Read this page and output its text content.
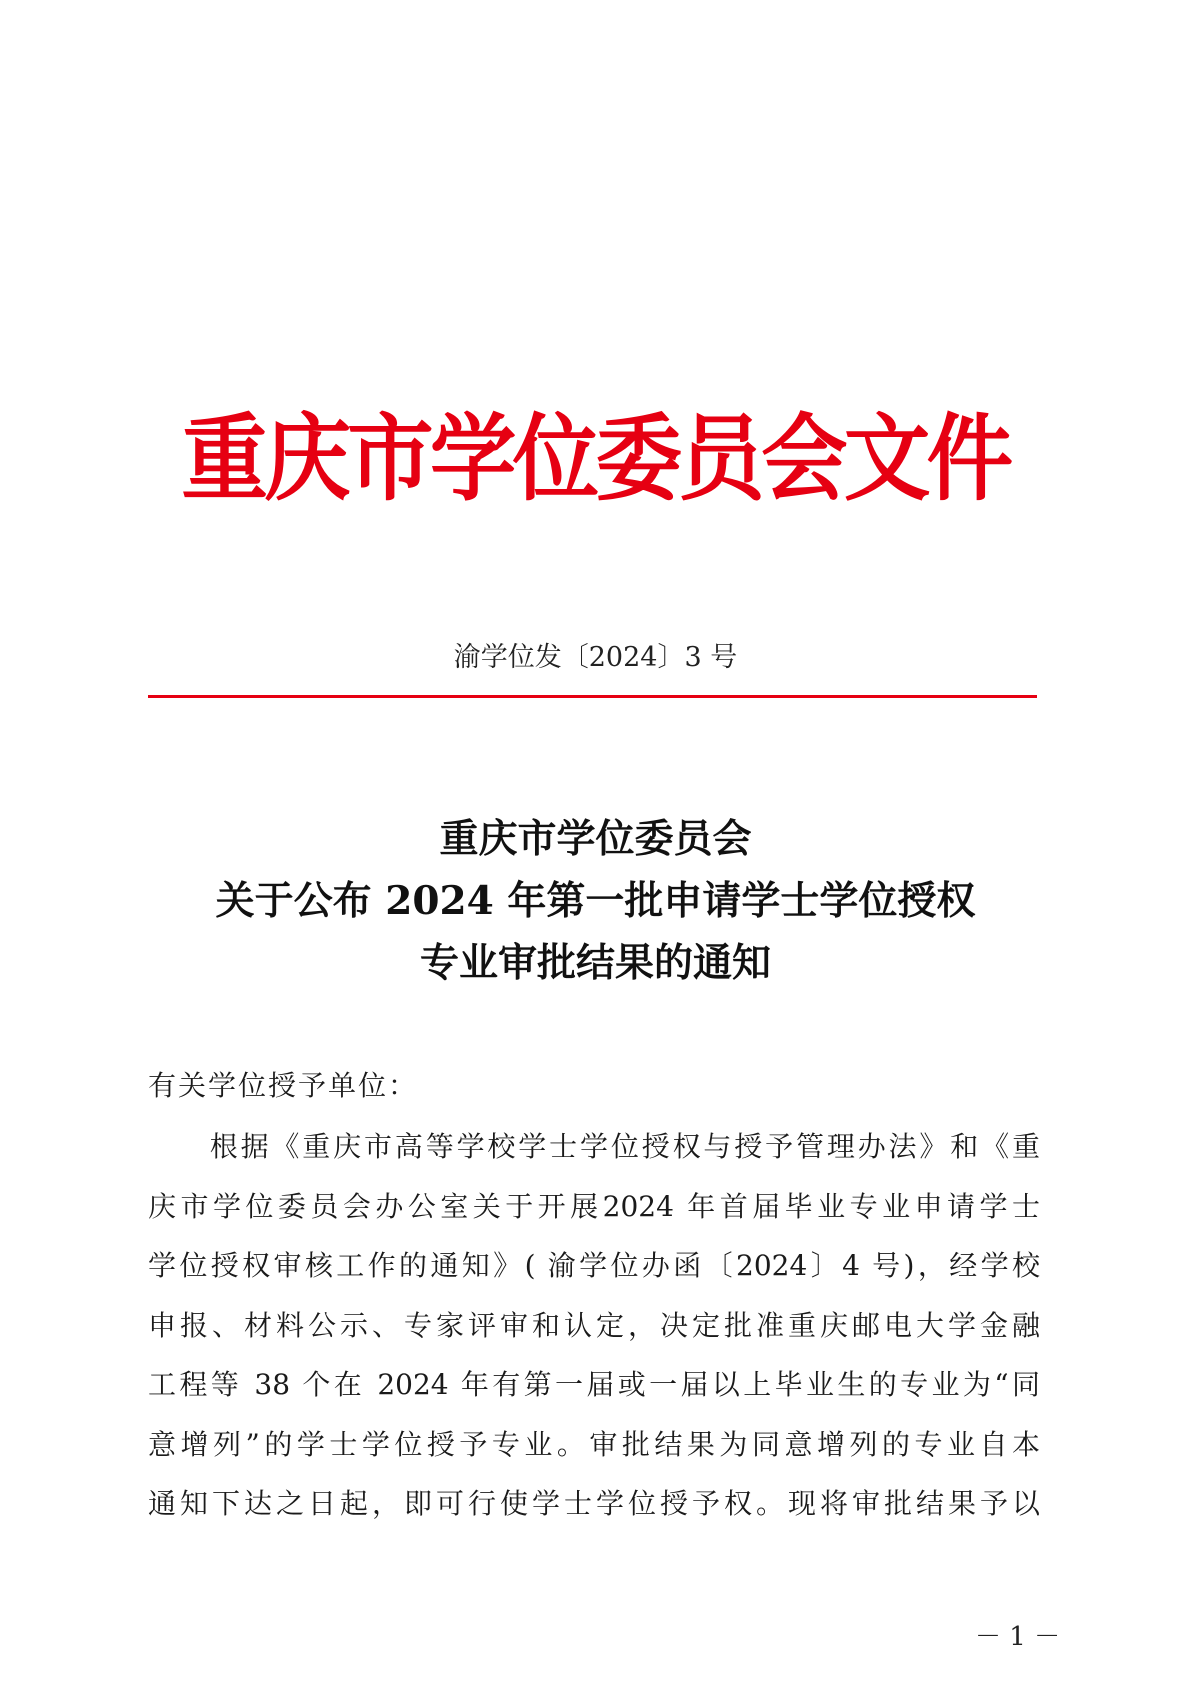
重庆市学位委员会文件
渝学位发〔2024〕3 号
重庆市学位委员会
关于公布 2024 年第一批申请学士学位授权
专业审批结果的通知
有关学位授予单位：
　　根据《重庆市高等学校学士学位授权与授予管理办法》和《重
庆市学位委员会办公室关于开展2024 年首届毕业专业申请学士
学位授权审核工作的通知》( 渝学位办函〔2024〕4 号)，经学校
申报、材料公示、专家评审和认定，决定批准重庆邮电大学金融
工程等 38 个在 2024 年有第一届或一届以上毕业生的专业为“同
意增列”的学士学位授予专业。审批结果为同意增列的专业自本
通知下达之日起，即可行使学士学位授予权。现将审批结果予以
－ 1 －
